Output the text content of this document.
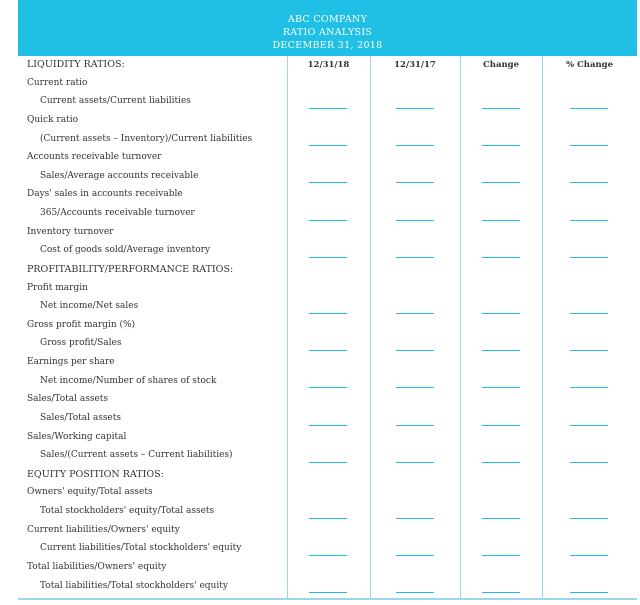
ABC COMPANY
RATIO ANALYSIS
DECEMBER 31, 2018
12/31/18	12/31/17	Change	% Change
LIQUIDITY RATIOS:
Current ratio
Current assets/Current liabilities
Quick ratio
(Current assets – Inventory)/Current liabilities
Accounts receivable turnover
Sales/Average accounts receivable
Days' sales in accounts receivable
365/Accounts receivable turnover
Inventory turnover
Cost of goods sold/Average inventory
PROFITABILITY/PERFORMANCE RATIOS:
Profit margin
Net income/Net sales
Gross profit margin (%)
Gross profit/Sales
Earnings per share
Net income/Number of shares of stock
Sales/Total assets
Sales/Total assets
Sales/Working capital
Sales/(Current assets – Current liabilities)
EQUITY POSITION RATIOS:
Owners' equity/Total assets
Total stockholders' equity/Total assets
Current liabilities/Owners' equity
Current liabilities/Total stockholders' equity
Total liabilities/Owners' equity
Total liabilities/Total stockholders' equity
